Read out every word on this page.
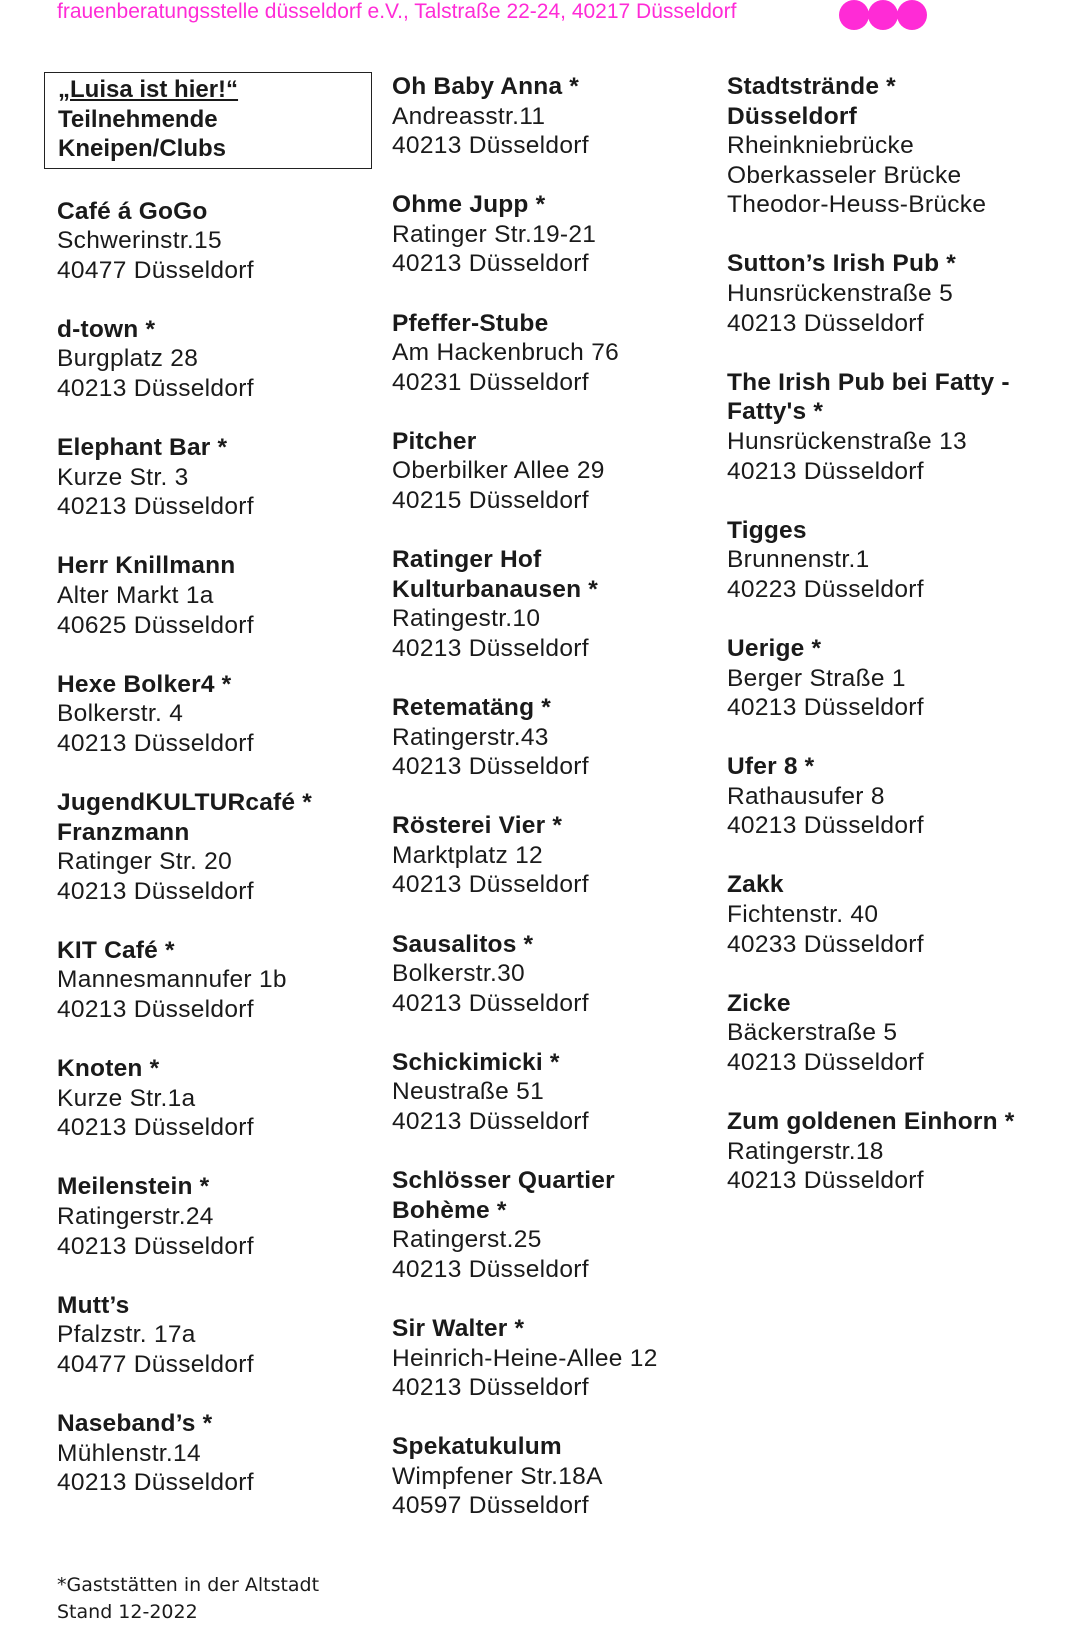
frauenberatungsstelle düsseldorf e.V., Talstraße 22-24, 40217 Düsseldorf
„Luisa ist hier!“
Teilnehmende
Kneipen/Clubs
Café á GoGo
Schwerinstr.15
40477 Düsseldorf
d-town *
Burgplatz 28
40213 Düsseldorf
Elephant Bar *
Kurze Str. 3
40213 Düsseldorf
Herr Knillmann
Alter Markt 1a
40625 Düsseldorf
Hexe Bolker4 *
Bolkerstr. 4
40213 Düsseldorf
JugendKULTURcafé *
Franzmann
Ratinger Str. 20
40213 Düsseldorf
KIT Café *
Mannesmannufer 1b
40213 Düsseldorf
Knoten *
Kurze Str.1a
40213 Düsseldorf
Meilenstein *
Ratingerstr.24
40213 Düsseldorf
Mutt’s
Pfalzstr. 17a
40477 Düsseldorf
Naseband’s *
Mühlenstr.14
40213 Düsseldorf
Oh Baby Anna *
Andreasstr.11
40213 Düsseldorf
Ohme Jupp *
Ratinger Str.19-21
40213 Düsseldorf
Pfeffer-Stube
Am Hackenbruch 76
40231 Düsseldorf
Pitcher
Oberbilker Allee 29
40215 Düsseldorf
Ratinger Hof
Kulturbanausen *
Ratingestr.10
40213 Düsseldorf
Retematäng *
Ratingerstr.43
40213 Düsseldorf
Rösterei Vier *
Marktplatz 12
40213 Düsseldorf
Sausalitos *
Bolkerstr.30
40213 Düsseldorf
Schickimicki *
Neustraße 51
40213 Düsseldorf
Schlösser Quartier
Bohème *
Ratingerst.25
40213 Düsseldorf
Sir Walter *
Heinrich-Heine-Allee 12
40213 Düsseldorf
Spekatukulum
Wimpfener Str.18A
40597 Düsseldorf
Stadtstrände *
Düsseldorf
Rheinkniebrücke
Oberkasseler Brücke
Theodor-Heuss-Brücke
Sutton’s Irish Pub *
Hunsrückenstraße 5
40213 Düsseldorf
The Irish Pub bei Fatty -
Fatty's *
Hunsrückenstraße 13
40213 Düsseldorf
Tigges
Brunnenstr.1
40223 Düsseldorf
Uerige *
Berger Straße 1
40213 Düsseldorf
Ufer 8 *
Rathausufer 8
40213 Düsseldorf
Zakk
Fichtenstr. 40
40233 Düsseldorf
Zicke
Bäckerstraße 5
40213 Düsseldorf
Zum goldenen Einhorn *
Ratingerstr.18
40213 Düsseldorf
*Gaststätten in der Altstadt
Stand 12-2022
